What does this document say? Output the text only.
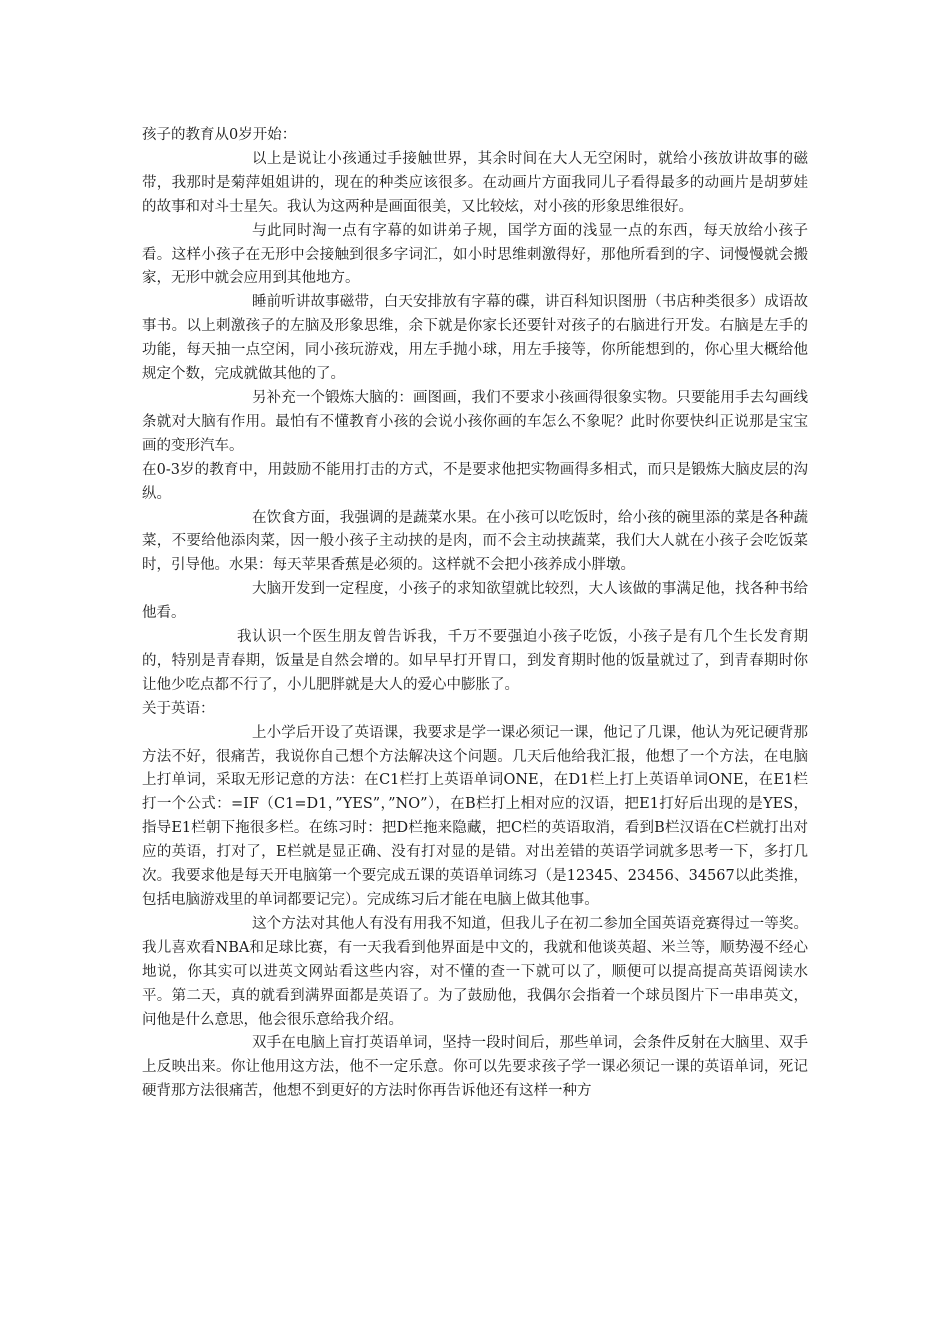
孩子的教育从0岁开始：

以上是说让小孩通过手接触世界，其余时间在大人无空闲时，就给小孩放讲故事的磁带，我那时是菊萍姐姐讲的，现在的种类应该很多。在动画片方面我同儿子看得最多的动画片是胡萝娃的故事和对斗士星矢。我认为这两种是画面很美，又比较炫，对小孩的形象思维很好。

与此同时淘一点有字幕的如讲弟子规，国学方面的浅显一点的东西，每天放给小孩子看。这样小孩子在无形中会接触到很多字词汇，如小时思维刺激得好，那他所看到的字、词慢慢就会搬家，无形中就会应用到其他地方。

睡前听讲故事磁带，白天安排放有字幕的碟，讲百科知识图册（书店种类很多）成语故事书。以上刺激孩子的左脑及形象思维，余下就是你家长还要针对孩子的右脑进行开发。右脑是左手的功能，每天抽一点空闲，同小孩玩游戏，用左手抛小球，用左手接等，你所能想到的，你心里大概给他规定个数，完成就做其他的了。

另补充一个锻炼大脑的：画图画，我们不要求小孩画得很象实物。只要能用手去勾画线条就对大脑有作用。最怕有不懂教育小孩的会说小孩你画的车怎么不象呢？此时你要快纠正说那是宝宝画的变形汽车。

在0-3岁的教育中，用鼓励不能用打击的方式，不是要求他把实物画得多相式，而只是锻炼大脑皮层的沟纵。

在饮食方面，我强调的是蔬菜水果。在小孩可以吃饭时，给小孩的碗里添的菜是各种蔬菜，不要给他添肉菜，因一般小孩子主动挟的是肉，而不会主动挟蔬菜，我们大人就在小孩子会吃饭菜时，引导他。水果：每天苹果香蕉是必须的。这样就不会把小孩养成小胖墩。

大脑开发到一定程度，小孩子的求知欲望就比较烈，大人该做的事满足他，找各种书给他看。

我认识一个医生朋友曾告诉我，千万不要强迫小孩子吃饭，小孩子是有几个生长发育期的，特别是青春期，饭量是自然会增的。如早早打开胃口，到发育期时他的饭量就过了，到青春期时你让他少吃点都不行了，小儿肥胖就是大人的爱心中膨胀了。

关于英语：

上小学后开设了英语课，我要求是学一课必须记一课，他记了几课，他认为死记硬背那方法不好，很痛苦，我说你自己想个方法解决这个问题。几天后他给我汇报，他想了一个方法，在电脑上打单词，采取无形记意的方法：在C1栏打上英语单词ONE，在D1栏上打上英语单词ONE，在E1栏打一个公式：=IF（C1=D1，”YES”，”NO”），在B栏打上相对应的汉语，把E1打好后出现的是YES，指导E1栏朝下拖很多栏。在练习时：把D栏拖来隐藏，把C栏的英语取消，看到B栏汉语在C栏就打出对应的英语，打对了，E栏就是显正确、没有打对显的是错。对出差错的英语学词就多思考一下，多打几次。我要求他是每天开电脑第一个要完成五课的英语单词练习（是12345、23456、34567以此类推，包括电脑游戏里的单词都要记完）。完成练习后才能在电脑上做其他事。

这个方法对其他人有没有用我不知道，但我儿子在初二参加全国英语竞赛得过一等奖。我儿喜欢看NBA和足球比赛，有一天我看到他界面是中文的，我就和他谈英超、米兰等，顺势漫不经心地说，你其实可以进英文网站看这些内容，对不懂的查一下就可以了，顺便可以提高提高英语阅读水平。第二天，真的就看到满界面都是英语了。为了鼓励他，我偶尔会指着一个球员图片下一串串英文，问他是什么意思，他会很乐意给我介绍。

双手在电脑上盲打英语单词，坚持一段时间后，那些单词，会条件反射在大脑里、双手上反映出来。你让他用这方法，他不一定乐意。你可以先要求孩子学一课必须记一课的英语单词，死记硬背那方法很痛苦，他想不到更好的方法时你再告诉他还有这样一种方
